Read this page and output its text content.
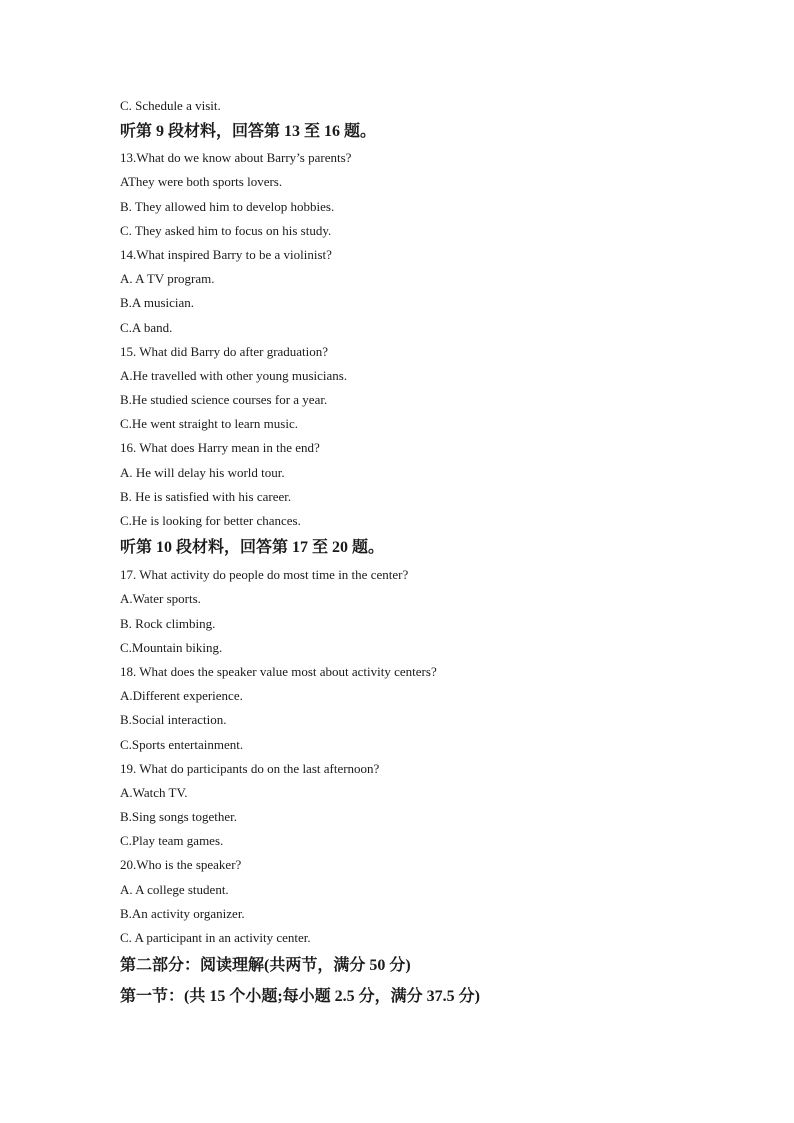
C. Schedule a visit.
听第 9 段材料，回答第 13 至 16 题。
13.What do we know about Barry’s parents?
AThey were both sports lovers.
B. They allowed him to develop hobbies.
C. They asked him to focus on his study.
14.What inspired Barry to be a violinist?
A. A TV program.
B.A musician.
C.A band.
15. What did Barry do after graduation?
A.He travelled with other young musicians.
B.He studied science courses for a year.
C.He went straight to learn music.
16. What does Harry mean in the end?
A. He will delay his world tour.
B. He is satisfied with his career.
C.He is looking for better chances.
听第 10 段材料，回答第 17 至 20 题。
17. What activity do people do most time in the center?
A.Water sports.
B. Rock climbing.
C.Mountain biking.
18. What does the speaker value most about activity centers?
A.Different experience.
B.Social interaction.
C.Sports entertainment.
19. What do participants do on the last afternoon?
A.Watch TV.
B.Sing songs together.
C.Play team games.
20.Who is the speaker?
A. A college student.
B.An activity organizer.
C. A participant in an activity center.
第二部分：阅读理解(共两节，满分 50 分)
第一节：(共 15 个小题;每小题 2.5 分，满分 37.5 分)
